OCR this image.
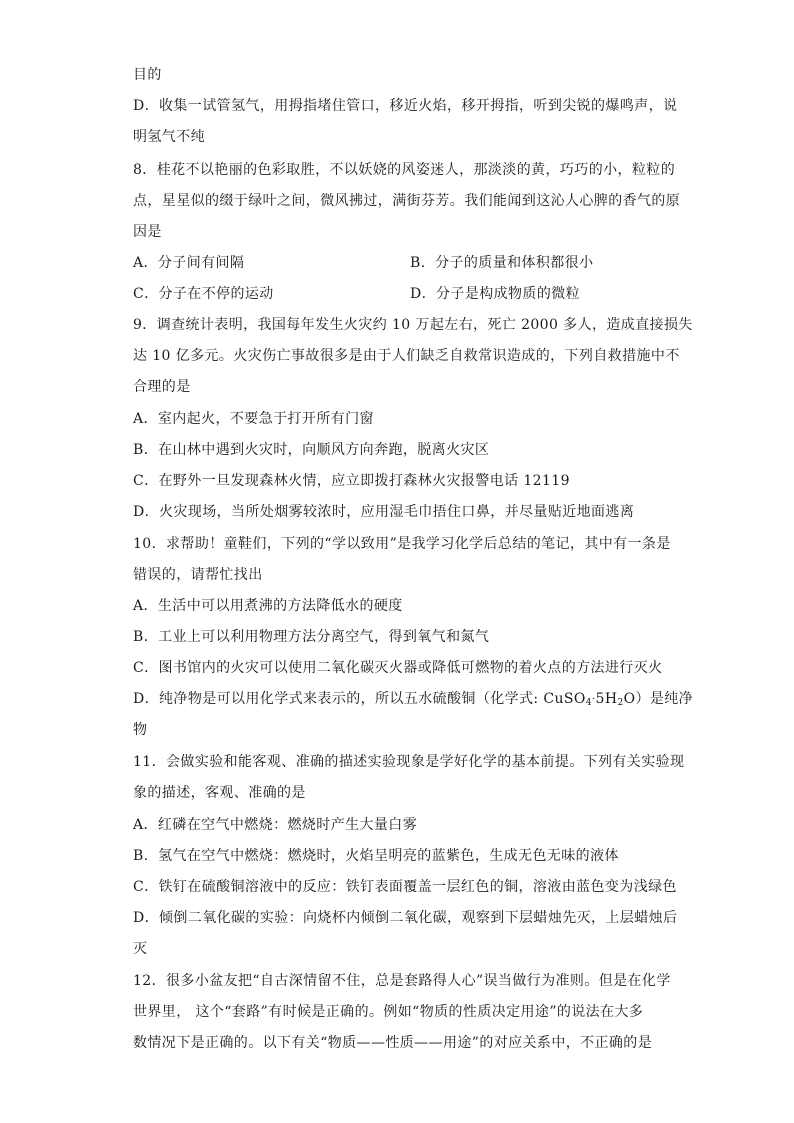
目的
D．收集一试管氢气，用拇指堵住管口，移近火焰，移开拇指，听到尖锐的爆鸣声，说
明氢气不纯
8．桂花不以艳丽的色彩取胜，不以妖娆的风姿迷人，那淡淡的黄，巧巧的小，粒粒的
点，星星似的缀于绿叶之间，微风拂过，满街芬芳。我们能闻到这沁人心脾的香气的原
因是
A．分子间有间隔	B．分子的质量和体积都很小
C．分子在不停的运动	D．分子是构成物质的微粒
9．调查统计表明，我国每年发生火灾约 10 万起左右，死亡 2000 多人，造成直接损失
达 10 亿多元。火灾伤亡事故很多是由于人们缺乏自救常识造成的，下列自救措施中不
合理的是
A．室内起火，不要急于打开所有门窗
B．在山林中遇到火灾时，向顺风方向奔跑，脱离火灾区
C．在野外一旦发现森林火情，应立即拨打森林火灾报警电话 12119
D．火灾现场，当所处烟雾较浓时，应用湿毛巾捂住口鼻，并尽量贴近地面逃离
10．求帮助！童鞋们，下列的“学以致用”是我学习化学后总结的笔记，其中有一条是
错误的，请帮忙找出
A．生活中可以用煮沸的方法降低水的硬度
B．工业上可以利用物理方法分离空气，得到氧气和氮气
C．图书馆内的火灾可以使用二氧化碳灭火器或降低可燃物的着火点的方法进行灭火
D．纯净物是可以用化学式来表示的，所以五水硫酸铜（化学式: $CuSO_4\cdot 5H_2O$）是纯净
物
11．会做实验和能客观、准确的描述实验现象是学好化学的基本前提。下列有关实验现
象的描述，客观、准确的是
A．红磷在空气中燃烧：燃烧时产生大量白雾
B．氢气在空气中燃烧：燃烧时，火焰呈明亮的蓝紫色，生成无色无味的液体
C．铁钉在硫酸铜溶液中的反应：铁钉表面覆盖一层红色的铜，溶液由蓝色变为浅绿色
D．倾倒二氧化碳的实验：向烧杯内倾倒二氧化碳，观察到下层蜡烛先灭，上层蜡烛后
灭
12．很多小盆友把“自古深情留不住，总是套路得人心”误当做行为准则。但是在化学
世界里， 这个“套路”有时候是正确的。例如“物质的性质决定用途”的说法在大多
数情况下是正确的。以下有关“物质——性质——用途”的对应关系中，不正确的是
